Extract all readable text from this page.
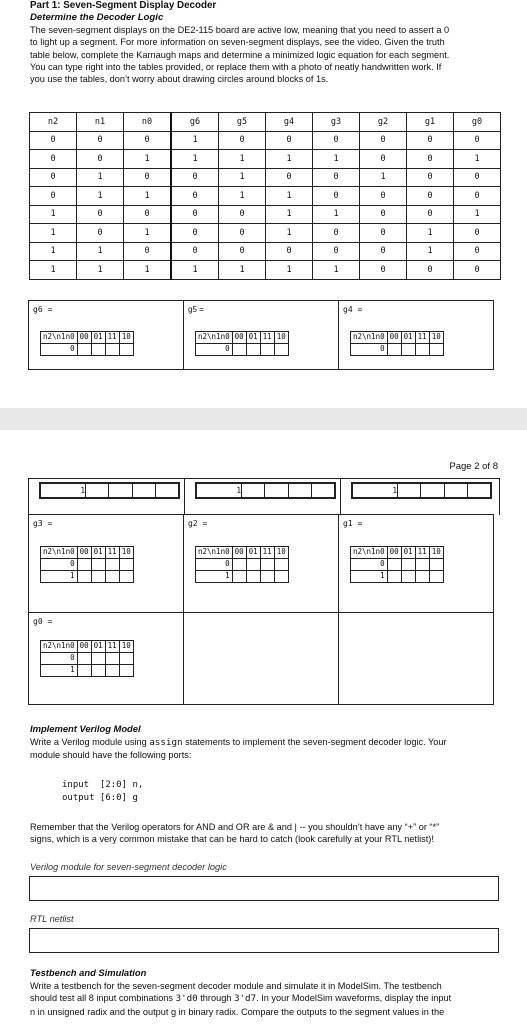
Part 1: Seven-Segment Display Decoder
Determine the Decoder Logic
The seven-segment displays on the DE2-115 board are active low, meaning that you need to assert a 0
to light up a segment. For more information on seven-segment displays, see the video. Given the truth
table below, complete the Karnaugh maps and determine a minimized logic equation for each segment.
You can type right into the tables provided, or replace them with a photo of neatly handwritten work. If
you use the tables, don’t worry about drawing circles around blocks of 1s.
n2	n1	n0	g6	g5	g4	g3	g2	g1	g0
0	0	0	1	0	0	0	0	0	0
0	0	1	1	1	1	1	0	0	1
0	1	0	0	1	0	0	1	0	0
0	1	1	0	1	1	0	0	0	0
1	0	0	0	0	1	1	0	0	1
1	0	1	0	0	1	0	0	1	0
1	1	0	0	0	0	0	0	1	0
1	1	1	1	1	1	1	0	0	0
g6 =
n2\n1n0	00	01	11	10
0				

g5 =
n2\n1n0	00	01	11	10
0				

g4 =
n2\n1n0	00	01	11	10
0				
Page 2 of 8
1					1					1				
g3 =
n2\n1n0	00	01	11	10
0				
1				

g2 =
n2\n1n0	00	01	11	10
0				
1				

g1 =
n2\n1n0	00	01	11	10
0				
1				

g0 =
n2\n1n0	00	01	11	10
0				
1				

Implement Verilog Model
Write a Verilog module using assign statements to implement the seven-segment decoder logic. Your
module should have the following ports:
input  [2:0] n,
output [6:0] g
Remember that the Verilog operators for AND and OR are & and | -- you shouldn’t have any “+” or “*”
signs, which is a very common mistake that can be hard to catch (look carefully at your RTL netlist)!
Verilog module for seven-segment decoder logic
RTL netlist
Testbench and Simulation
Write a testbench for the seven-segment decoder module and simulate it in ModelSim. The testbench
should test all 8 input combinations 3'd0 through 3'd7. In your ModelSim waveforms, display the input
n in unsigned radix and the output g in binary radix. Compare the outputs to the segment values in the
